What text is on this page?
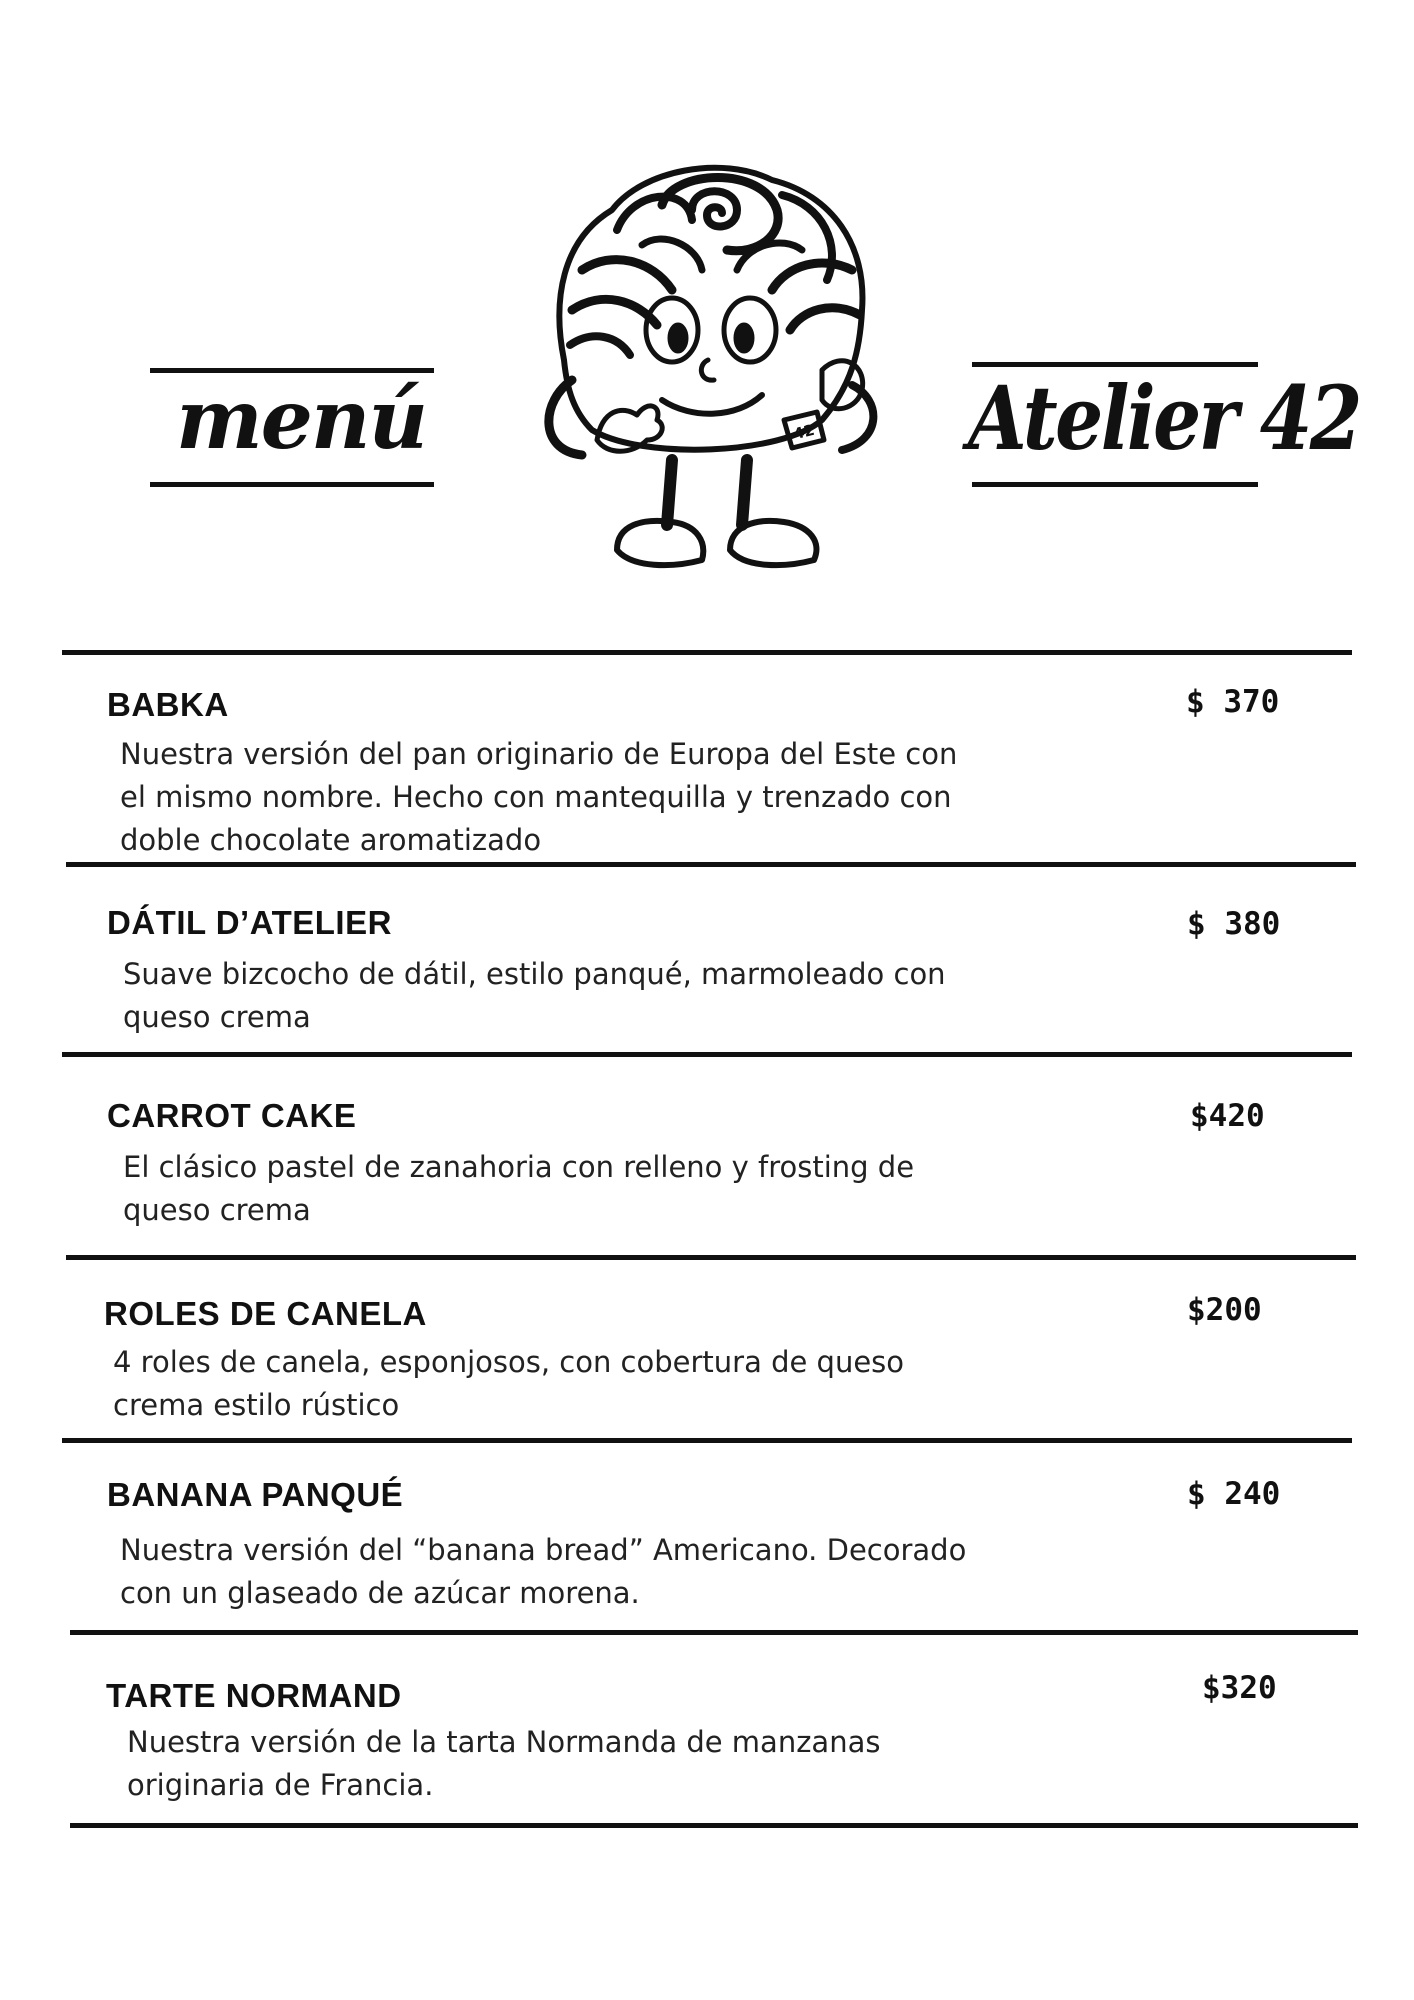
menú	Atelier 42
42
BABKA	$ 370
Nuestra versión del pan originario de Europa del Este con
el mismo nombre. Hecho con mantequilla y trenzado con
doble chocolate aromatizado
DÁTIL D’ATELIER	$ 380
Suave bizcocho de dátil, estilo panqué, marmoleado con
queso crema
CARROT CAKE	$420
El clásico pastel de zanahoria con relleno y frosting de
queso crema
ROLES DE CANELA	$200
4 roles de canela, esponjosos, con cobertura de queso
crema estilo rústico
BANANA PANQUÉ	$ 240
Nuestra versión del “banana bread” Americano. Decorado
con un glaseado de azúcar morena.
TARTE NORMAND	$320
Nuestra versión de la tarta Normanda de manzanas
originaria de Francia.
